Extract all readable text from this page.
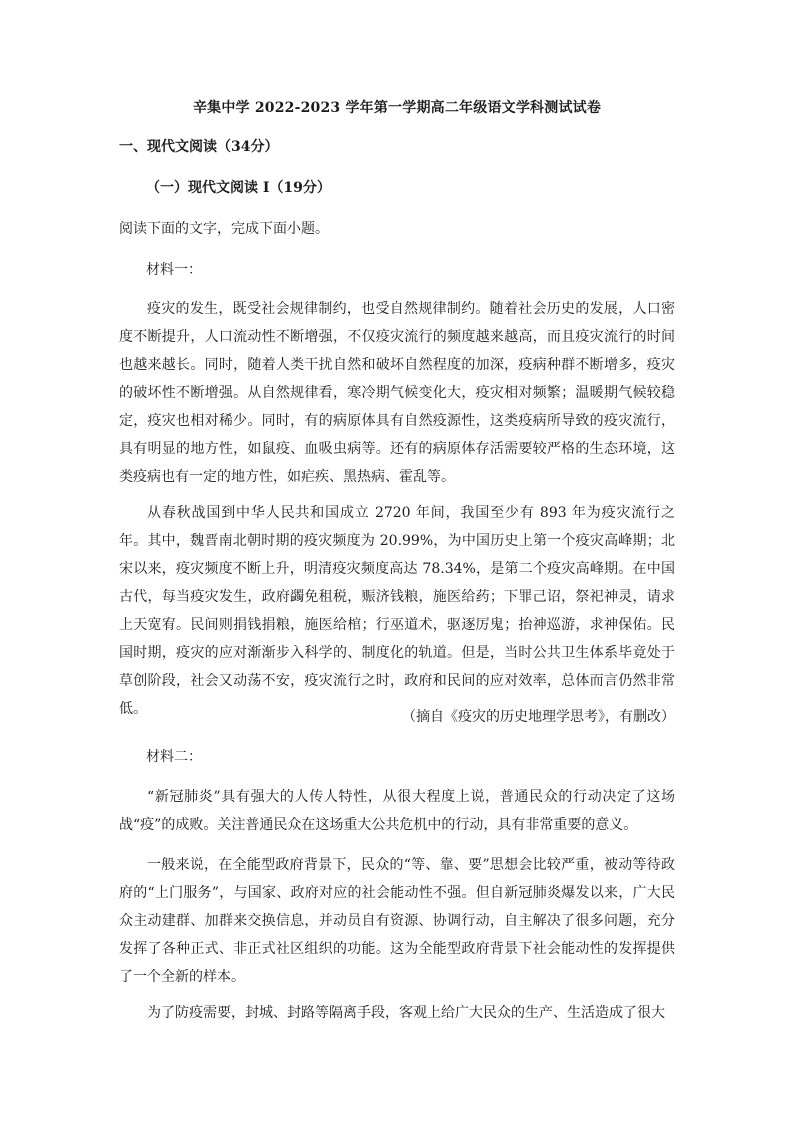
辛集中学 2022-2023 学年第一学期高二年级语文学科测试试卷
一、现代文阅读（34分）
（一）现代文阅读 Ⅰ（19分）
阅读下面的文字，完成下面小题。
材料一：

疫灾的发生，既受社会规律制约，也受自然规律制约。随着社会历史的发展，人口密度不断提升，人口流动性不断增强，不仅疫灾流行的频度越来越高，而且疫灾流行的时间也越来越长。同时，随着人类干扰自然和破坏自然程度的加深，疫病种群不断增多，疫灾的破坏性不断增强。从自然规律看，寒冷期气候变化大，疫灾相对频繁；温暖期气候较稳定，疫灾也相对稀少。同时，有的病原体具有自然疫源性，这类疫病所导致的疫灾流行，具有明显的地方性，如鼠疫、血吸虫病等。还有的病原体存活需要较严格的生态环境，这类疫病也有一定的地方性，如疟疾、黑热病、霍乱等。

从春秋战国到中华人民共和国成立 2720 年间，我国至少有 893 年为疫灾流行之年。其中，魏晋南北朝时期的疫灾频度为 20.99%，为中国历史上第一个疫灾高峰期；北宋以来，疫灾频度不断上升，明清疫灾频度高达 78.34%，是第二个疫灾高峰期。在中国古代，每当疫灾发生，政府蠲免租税，赈济钱粮，施医给药；下罪己诏，祭祀神灵，请求上天宽宥。民间则捐钱捐粮，施医给棺；行巫道术，驱逐厉鬼；抬神巡游，求神保佑。民国时期，疫灾的应对渐渐步入科学的、制度化的轨道。但是，当时公共卫生体系毕竟处于草创阶段，社会又动荡不安，疫灾流行之时，政府和民间的应对效率，总体而言仍然非常低。	（摘自《疫灾的历史地理学思考》，有删改）
材料二：

“新冠肺炎”具有强大的人传人特性，从很大程度上说，普通民众的行动决定了这场战“疫”的成败。关注普通民众在这场重大公共危机中的行动，具有非常重要的意义。

一般来说，在全能型政府背景下，民众的“等、靠、要”思想会比较严重，被动等待政府的“上门服务”，与国家、政府对应的社会能动性不强。但自新冠肺炎爆发以来，广大民众主动建群、加群来交换信息，并动员自有资源、协调行动，自主解决了很多问题，充分发挥了各种正式、非正式社区组织的功能。这为全能型政府背景下社会能动性的发挥提供了一个全新的样本。

为了防疫需要，封城、封路等隔离手段，客观上给广大民众的生产、生活造成了很大
